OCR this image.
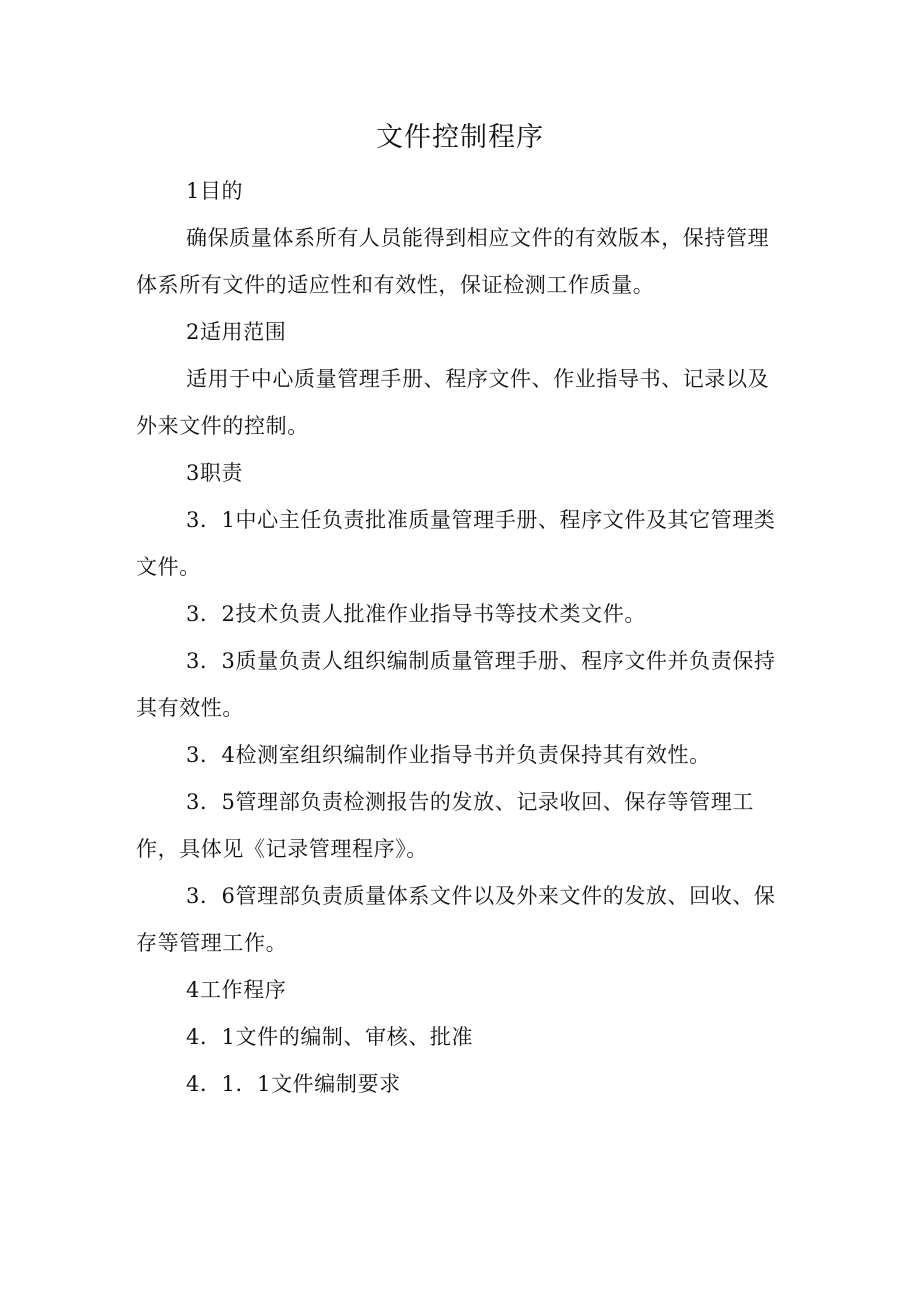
文件控制程序

1目的

确保质量体系所有人员能得到相应文件的有效版本，保持管理体系所有文件的适应性和有效性，保证检测工作质量。

2适用范围

适用于中心质量管理手册、程序文件、作业指导书、记录以及外来文件的控制。

3职责

3．1中心主任负责批准质量管理手册、程序文件及其它管理类文件。

3．2技术负责人批准作业指导书等技术类文件。

3．3质量负责人组织编制质量管理手册、程序文件并负责保持其有效性。

3．4检测室组织编制作业指导书并负责保持其有效性。

3．5管理部负责检测报告的发放、记录收回、保存等管理工作，具体见《记录管理程序》。

3．6管理部负责质量体系文件以及外来文件的发放、回收、保存等管理工作。

4工作程序

4．1文件的编制、审核、批准

4．1．1文件编制要求
